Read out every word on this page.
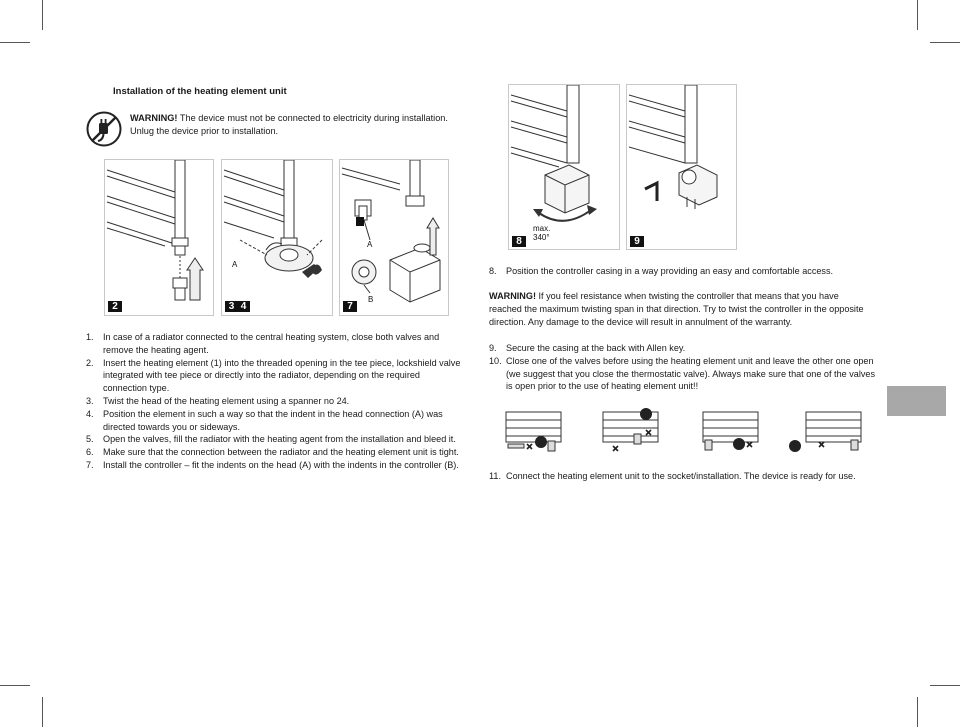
Installation of the heating element unit
WARNING! The device must not be connected to electricity during installation.
Unlug the device prior to installation.
2
A
3 4
A
B
7
8
max.
340°	9
1. In case of a radiator connected to the central heating system, close both valves and remove the heating agent.
2. Insert the heating element (1) into the threaded opening in the tee piece, lockshield valve integrated with tee piece or directly into the radiator, depending on the required connection type.
3. Twist the head of the heating element using a spanner no 24.
4. Position the element in such a way so that the indent in the head connection (A) was directed towards you or sideways.
5. Open the valves, fill the radiator with the heating agent from the installation and bleed it.
6. Make sure that the connection between the radiator and the heating element unit is tight.
7. Install the controller – fit the indents on the head (A) with the indents in the controller (B).
8. Position the controller casing in a way providing an easy and comfortable access.
WARNING! If you feel resistance when twisting the controller that means that you have reached the maximum twisting span in that direction. Try to twist the controller in the opposite direction. Any damage to the device will result in annulment of the warranty.
9. Secure the casing at the back with Allen key.
10. Close one of the valves before using the heating element unit and leave the other one open (we suggest that you close the thermostatic valve). Always make sure that one of the valves is open prior to the use of heating element unit!!
11. Connect the heating element unit to the socket/installation. The device is ready for use.
